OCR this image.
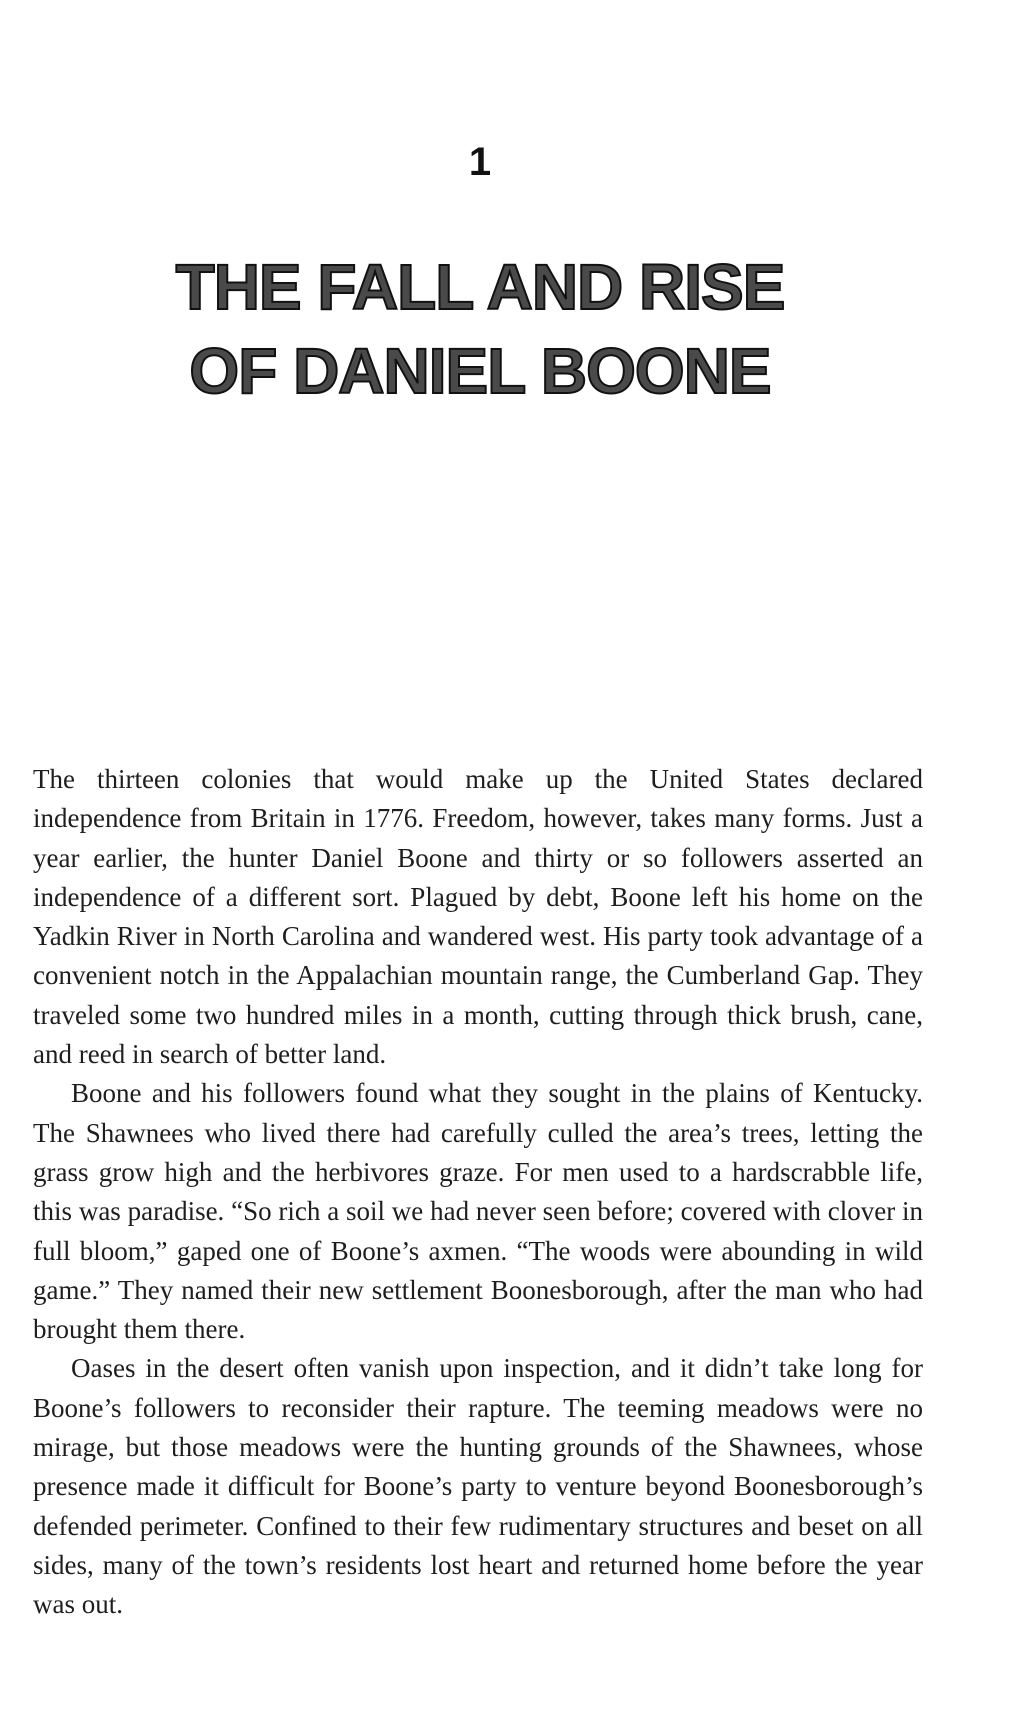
1
THE FALL AND RISE
OF DANIEL BOONE

The thirteen colonies that would make up the United States declared independence from Britain in 1776. Freedom, however, takes many forms. Just a year earlier, the hunter Daniel Boone and thirty or so followers asserted an independence of a different sort. Plagued by debt, Boone left his home on the Yadkin River in North Carolina and wandered west. His party took advantage of a convenient notch in the Appalachian mountain range, the Cumberland Gap. They traveled some two hundred miles in a month, cutting through thick brush, cane, and reed in search of better land.

Boone and his followers found what they sought in the plains of Kentucky. The Shawnees who lived there had carefully culled the area’s trees, letting the grass grow high and the herbivores graze. For men used to a hardscrabble life, this was paradise. “So rich a soil we had never seen before; covered with clover in full bloom,” gaped one of Boone’s axmen. “The woods were abounding in wild game.” They named their new settlement Boonesborough, after the man who had brought them there.

Oases in the desert often vanish upon inspection, and it didn’t take long for Boone’s followers to reconsider their rapture. The teeming meadows were no mirage, but those meadows were the hunting grounds of the Shawnees, whose presence made it difficult for Boone’s party to venture beyond Boonesborough’s defended perimeter. Confined to their few rudimentary structures and beset on all sides, many of the town’s residents lost heart and returned home before the year was out.
